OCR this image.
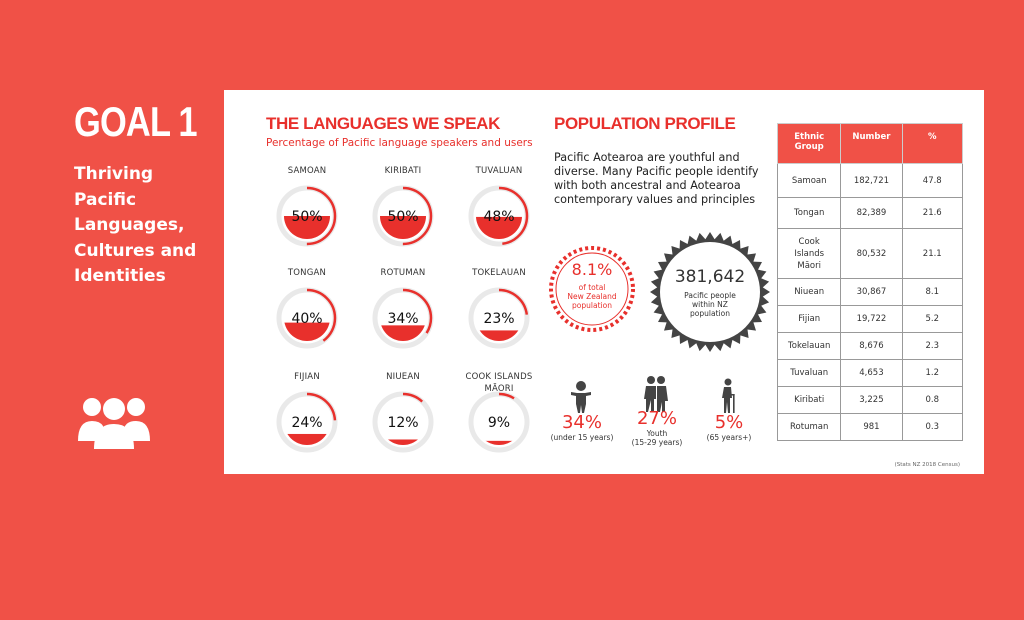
GOAL 1
Thriving
Pacific
Languages,
Cultures and
Identities
THE LANGUAGES WE SPEAK
Percentage of Pacific language speakers and users
SAMOAN
50%
KIRIBATI
50%
TUVALUAN
48%
TONGAN
40%
ROTUMAN
34%
TOKELAUAN
23%
FIJIAN
24%
NIUEAN
12%
COOK ISLANDS MĀORI
9%
POPULATION PROFILE
Pacific Aotearoa are youthful and diverse. Many Pacific people identify with both ancestral and Aotearoa contemporary values and principles
8.1%
of total
New Zealand
population
381,642
Pacific people
within NZ
population
34%
(under 15 years)
27%
Youth
(15-29 years)
5%
(65 years+)
Ethnic Group	Number	%
Samoan	182,721	47.8
Tongan	82,389	21.6
Cook Islands Māori	80,532	21.1
Niuean	30,867	8.1
Fijian	19,722	5.2
Tokelauan	8,676	2.3
Tuvaluan	4,653	1.2
Kiribati	3,225	0.8
Rotuman	981	0.3
(Stats NZ 2018 Census)
